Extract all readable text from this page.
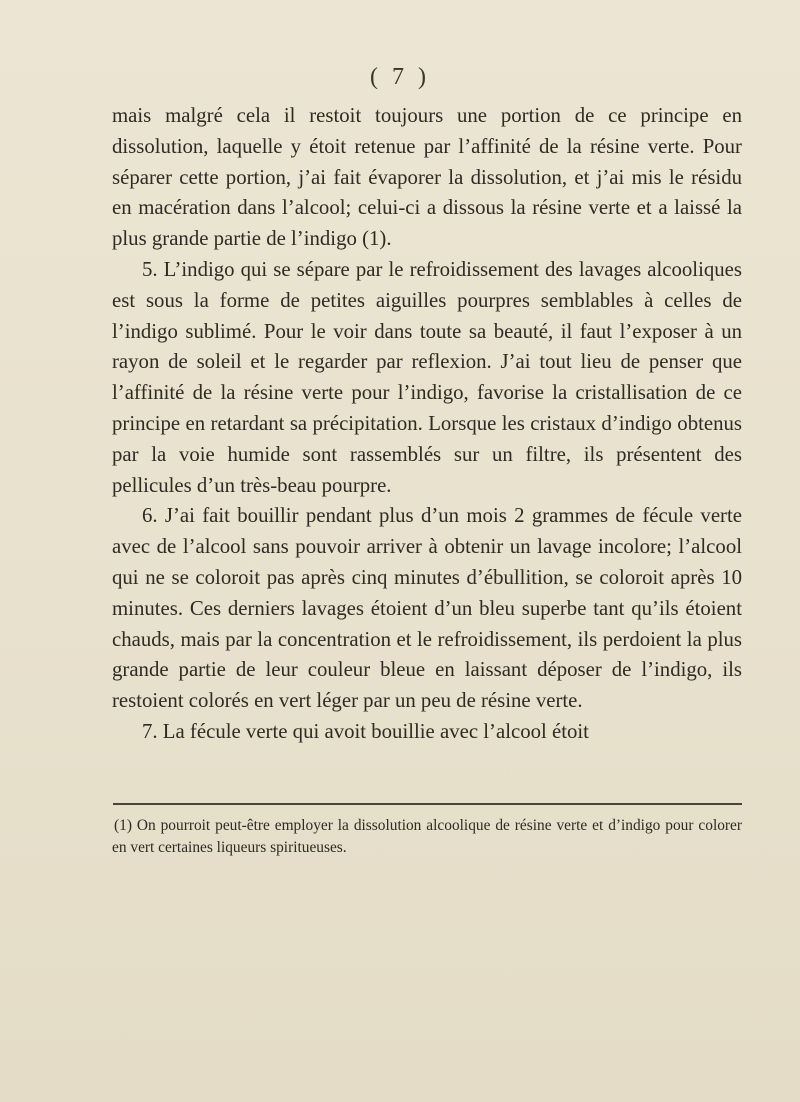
( 7 )

mais malgré cela il restoit toujours une portion de ce principe en dissolution, laquelle y étoit retenue par l’affinité de la résine verte. Pour séparer cette portion, j’ai fait évaporer la dissolution, et j’ai mis le résidu en macération dans l’alcool; celui-ci a dissous la résine verte et a laissé la plus grande partie de l’indigo (1).

5. L’indigo qui se sépare par le refroidissement des lavages alcooliques est sous la forme de petites aiguilles pourpres semblables à celles de l’indigo sublimé. Pour le voir dans toute sa beauté, il faut l’exposer à un rayon de soleil et le regarder par reflexion. J’ai tout lieu de penser que l’affinité de la résine verte pour l’indigo, favorise la cristallisation de ce principe en retardant sa précipitation. Lorsque les cristaux d’indigo obtenus par la voie humide sont rassemblés sur un filtre, ils présentent des pellicules d’un très-beau pourpre.

6. J’ai fait bouillir pendant plus d’un mois 2 grammes de fécule verte avec de l’alcool sans pouvoir arriver à obtenir un lavage incolore; l’alcool qui ne se coloroit pas après cinq minutes d’ébullition, se coloroit après 10 minutes. Ces derniers lavages étoient d’un bleu superbe tant qu’ils étoient chauds, mais par la concentration et le refroidissement, ils perdoient la plus grande partie de leur couleur bleue en laissant déposer de l’indigo, ils restoient colorés en vert léger par un peu de résine verte.

7. La fécule verte qui avoit bouillie avec l’alcool étoit

(1) On pourroit peut-être employer la dissolution alcoolique de résine verte et d’indigo pour colorer en vert certaines liqueurs spiritueuses.
